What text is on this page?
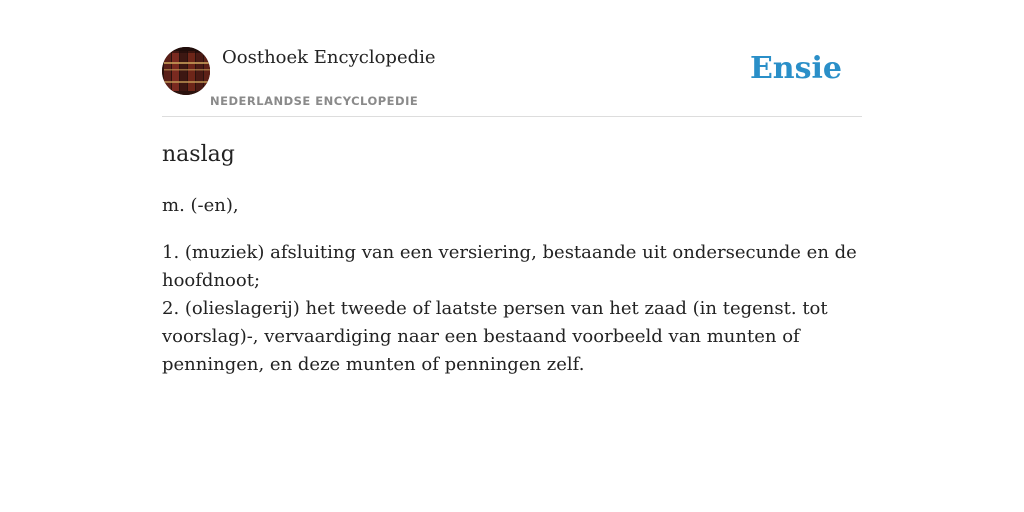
Oosthoek Encyclopedie
NEDERLANDSE ENCYCLOPEDIE
Ensie
naslag

m. (-en),

1. (muziek) afsluiting van een versiering, bestaande uit ondersecunde en de hoofdnoot;
2. (olieslagerij) het tweede of laatste persen van het zaad (in tegenst. tot voorslag)-, vervaardiging naar een bestaand voorbeeld van munten of penningen, en deze munten of penningen zelf.
